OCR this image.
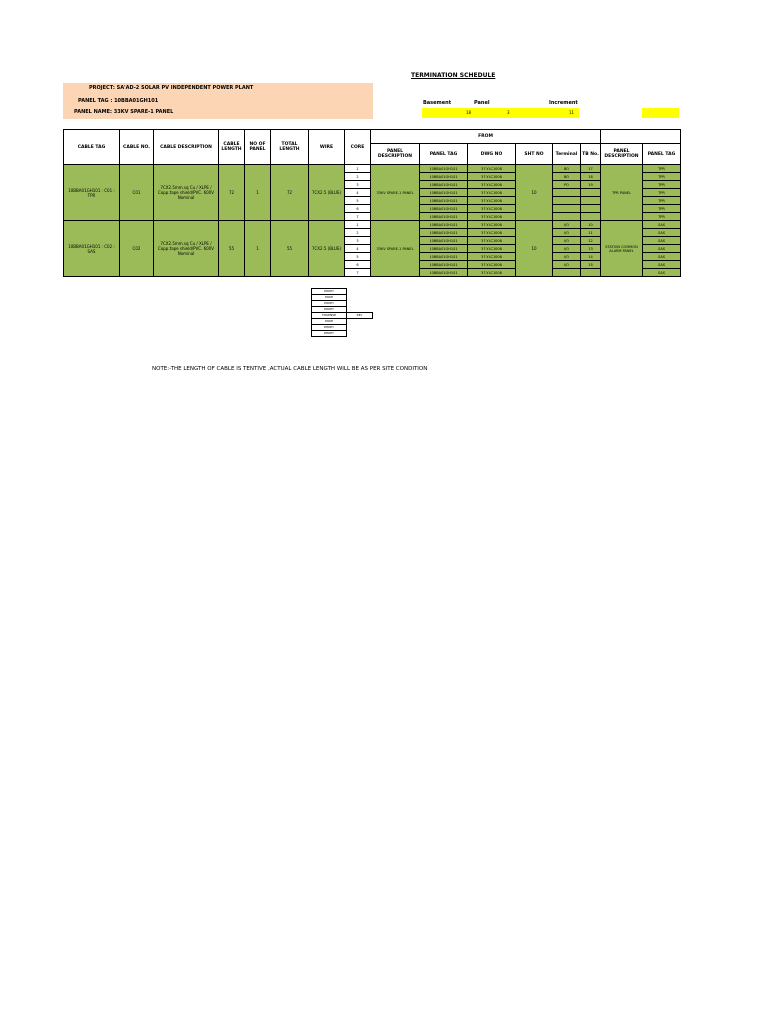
TERMINATION SCHEDULE
PROJECT: SA'AD-2 SOLAR PV INDEPENDENT POWER PLANT
PANEL TAG : 10BBA01GH101
PANEL NAME: 33KV SPARE-1 PANEL
Basement	Panel	Increment
18	3	11
CABLE TAG	CABLE NO.	CABLE DESCRIPTION	CABLE LENGTH	NO OF PANEL	TOTAL LENGTH	WIRE	CORE	FROM							
								PANEL DESCRIPTION	PANEL TAG	DWG NO	SHT NO	Terminal	TB No.	PANEL DESCRIPTION	PANEL TAG
10BBA01GH101 : C01 : TPR	C01	7CX2.5mm.sq Cu / XLPE / Copp.tape shield/PVC. 600V Nominal	72	1	72	7CX2.5 (BLUE)	1	33KV SPARE-1 PANEL	10BBA01GH101	37-YLC1008	10	BO	17	TPR PANEL	TPR
							2		10BBA01GH101	37-YLC1008		BO	18		TPR
							3		10BBA01GH101	37-YLC1008		PO	19		TPR
							4		10BBA01GH101	37-YLC1008					TPR
							5		10BBA01GH101	37-YLC1008					TPR
							6		10BBA01GH101	37-YLC1008					TPR
							7		10BBA01GH101	37-YLC1008					TPR
10BBA01GH101 : C02 : SAS	C02	7CX2.5mm.sq Cu / XLPE / Copp.tape shield/PVC. 600V Nominal	55	1	55	7CX2.5 (BLUE)	1	33KV SPARE-1 PANEL	10BBA01GH101	37-YLC1008	10	I/O	10	STATION COMMON ALARM PANEL	SAS
							2		10BBA01GH101	37-YLC1008		I/O	11		SAS
							3		10BBA01GH101	37-YLC1008		I/O	12		SAS
							4		10BBA01GH101	37-YLC1008		I/O	13		SAS
							5		10BBA01GH101	37-YLC1008		I/O	14		SAS
							6		10BBA01GH101	37-YLC1008		I/O	15		SAS
							7		10BBA01GH101	37-YLC1008					SAS
POKEY	
POKE	
POKEY	
POKEY	
TOKENSE	KEY
POKE	
DEKEY	
DEKEY	
NOTE:-THE LENGTH OF CABLE IS TENTIVE ,ACTUAL CABLE LENGTH WILL BE AS PER SITE CONDITION
